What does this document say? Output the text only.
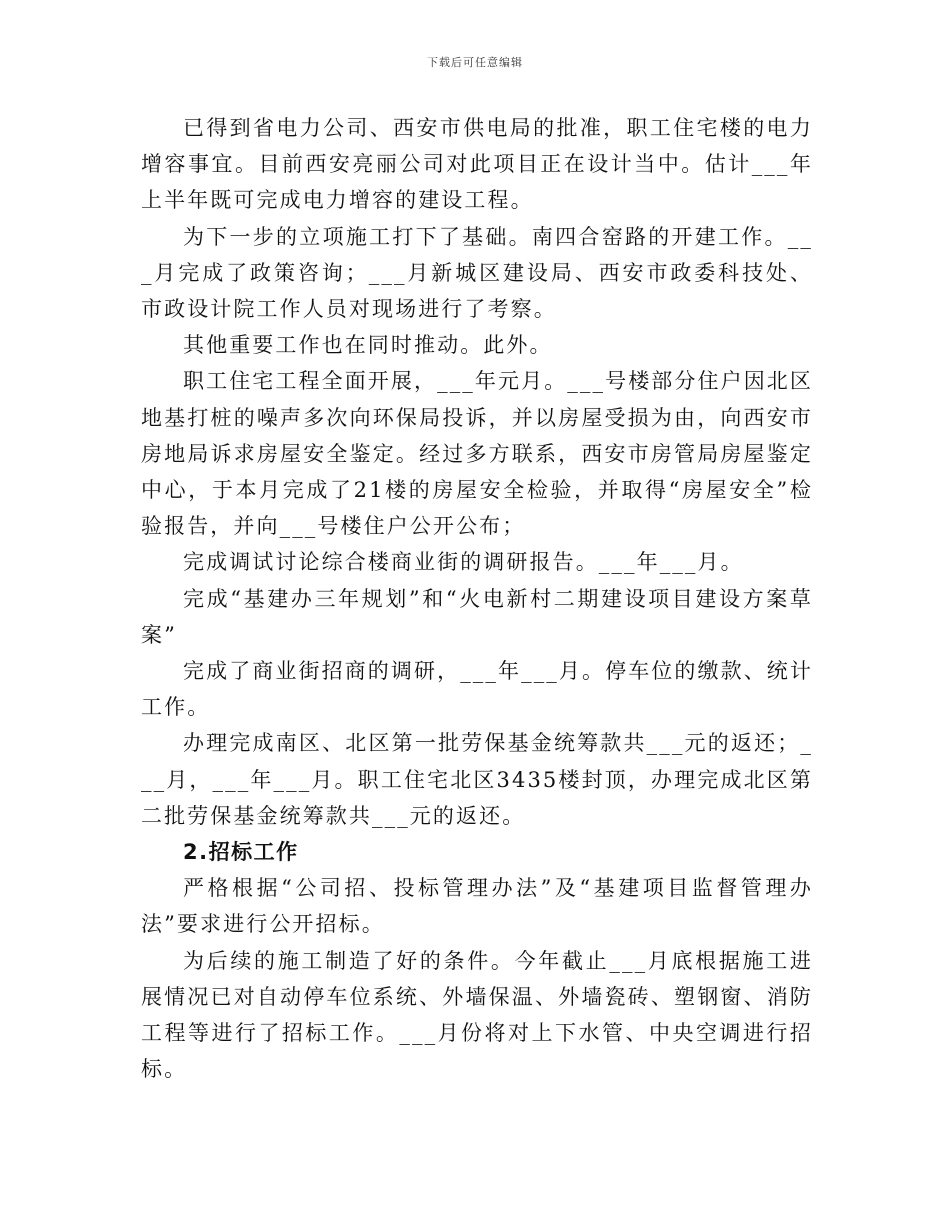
下载后可任意编辑

已得到省电力公司、西安市供电局的批准，职工住宅楼的电力增容事宜。目前西安亮丽公司对此项目正在设计当中。估计___年上半年既可完成电力增容的建设工程。

为下一步的立项施工打下了基础。南四合窑路的开建工作。___月完成了政策咨询；___月新城区建设局、西安市政委科技处、市政设计院工作人员对现场进行了考察。

其他重要工作也在同时推动。此外。

职工住宅工程全面开展，___年元月。___号楼部分住户因北区地基打桩的噪声多次向环保局投诉，并以房屋受损为由，向西安市房地局诉求房屋安全鉴定。经过多方联系，西安市房管局房屋鉴定中心，于本月完成了21楼的房屋安全检验，并取得“房屋安全”检验报告，并向___号楼住户公开公布；

完成调试讨论综合楼商业街的调研报告。___年___月。

完成“基建办三年规划”和“火电新村二期建设项目建设方案草案”

完成了商业街招商的调研，___年___月。停车位的缴款、统计工作。

办理完成南区、北区第一批劳保基金统筹款共___元的返还；___月，___年___月。职工住宅北区3435楼封顶，办理完成北区第二批劳保基金统筹款共___元的返还。

2.招标工作

严格根据“公司招、投标管理办法”及“基建项目监督管理办法”要求进行公开招标。

为后续的施工制造了好的条件。今年截止___月底根据施工进展情况已对自动停车位系统、外墙保温、外墙瓷砖、塑钢窗、消防工程等进行了招标工作。___月份将对上下水管、中央空调进行招标。
